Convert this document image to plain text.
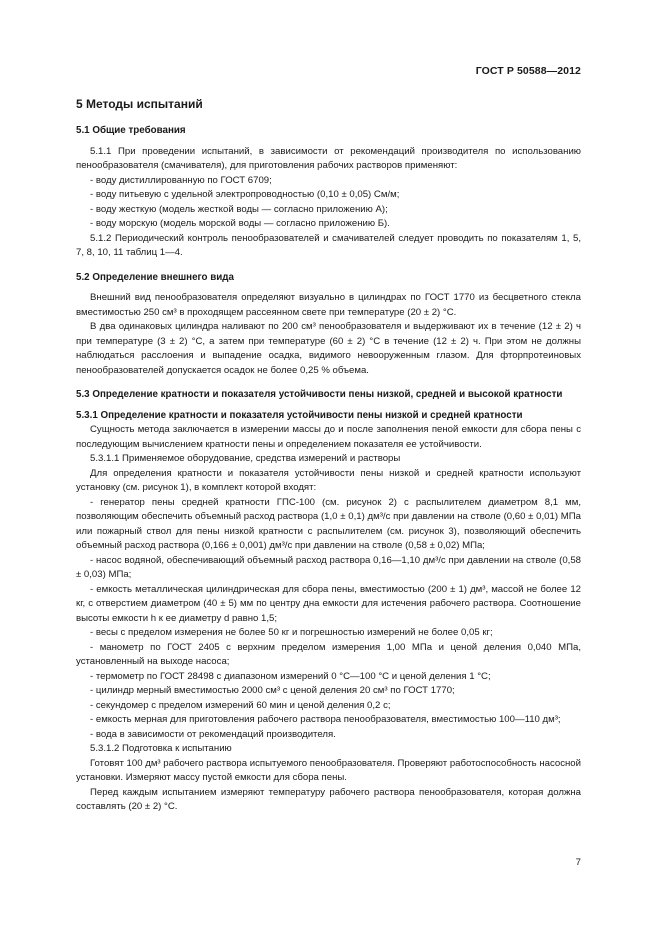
ГОСТ Р 50588—2012
5 Методы испытаний
5.1 Общие требования

5.1.1 При проведении испытаний, в зависимости от рекомендаций производителя по использованию пенообразователя (смачивателя), для приготовления рабочих растворов применяют:

- воду дистиллированную по ГОСТ 6709;

- воду питьевую с удельной электропроводностью (0,10 ± 0,05) См/м;

- воду жесткую (модель жесткой воды — согласно приложению А);

- воду морскую (модель морской воды — согласно приложению Б).

5.1.2 Периодический контроль пенообразователей и смачивателей следует проводить по показателям 1, 5, 7, 8, 10, 11 таблиц 1—4.

5.2 Определение внешнего вида

Внешний вид пенообразователя определяют визуально в цилиндрах по ГОСТ 1770 из бесцветного стекла вместимостью 250 см³ в проходящем рассеянном свете при температуре (20 ± 2) °С.

В два одинаковых цилиндра наливают по 200 см³ пенообразователя и выдерживают их в течение (12 ± 2) ч при температуре (3 ± 2) °С, а затем при температуре (60 ± 2) °С в течение (12 ± 2) ч. При этом не должны наблюдаться расслоения и выпадение осадка, видимого невооруженным глазом. Для фторпротеиновых пенообразователей допускается осадок не более 0,25 % объема.

5.3 Определение кратности и показателя устойчивости пены низкой, средней и высокой кратности
5.3.1 Определение кратности и показателя устойчивости пены низкой и средней кратности

Сущность метода заключается в измерении массы до и после заполнения пеной емкости для сбора пены с последующим вычислением кратности пены и определением показателя ее устойчивости.

5.3.1.1 Применяемое оборудование, средства измерений и растворы

Для определения кратности и показателя устойчивости пены низкой и средней кратности используют установку (см. рисунок 1), в комплект которой входят:

- генератор пены средней кратности ГПС-100 (см. рисунок 2) с распылителем диаметром 8,1 мм, позволяющим обеспечить объемный расход раствора (1,0 ± 0,1) дм³/с при давлении на стволе (0,60 ± 0,01) МПа или пожарный ствол для пены низкой кратности с распылителем (см. рисунок 3), позволяющий обеспечить объемный расход раствора (0,166 ± 0,001) дм³/с при давлении на стволе (0,58 ± 0,02) МПа;

- насос водяной, обеспечивающий объемный расход раствора 0,16—1,10 дм³/с при давлении на стволе (0,58 ± 0,03) МПа;

- емкость металлическая цилиндрическая для сбора пены, вместимостью (200 ± 1) дм³, массой не более 12 кг, с отверстием диаметром (40 ± 5) мм по центру дна емкости для истечения рабочего раствора. Соотношение высоты емкости h к ее диаметру d равно 1,5;

- весы с пределом измерения не более 50 кг и погрешностью измерений не более 0,05 кг;

- манометр по ГОСТ 2405 с верхним пределом измерения 1,00 МПа и ценой деления 0,040 МПа, установленный на выходе насоса;

- термометр по ГОСТ 28498 с диапазоном измерений 0 °С—100 °С и ценой деления 1 °С;

- цилиндр мерный вместимостью 2000 см³ с ценой деления 20 см³ по ГОСТ 1770;

- секундомер с пределом измерений 60 мин и ценой деления 0,2 с;

- емкость мерная для приготовления рабочего раствора пенообразователя, вместимостью 100—110 дм³;

- вода в зависимости от рекомендаций производителя.

5.3.1.2 Подготовка к испытанию

Готовят 100 дм³ рабочего раствора испытуемого пенообразователя. Проверяют работоспособность насосной установки. Измеряют массу пустой емкости для сбора пены.

Перед каждым испытанием измеряют температуру рабочего раствора пенообразователя, которая должна составлять (20 ± 2) °С.

7
